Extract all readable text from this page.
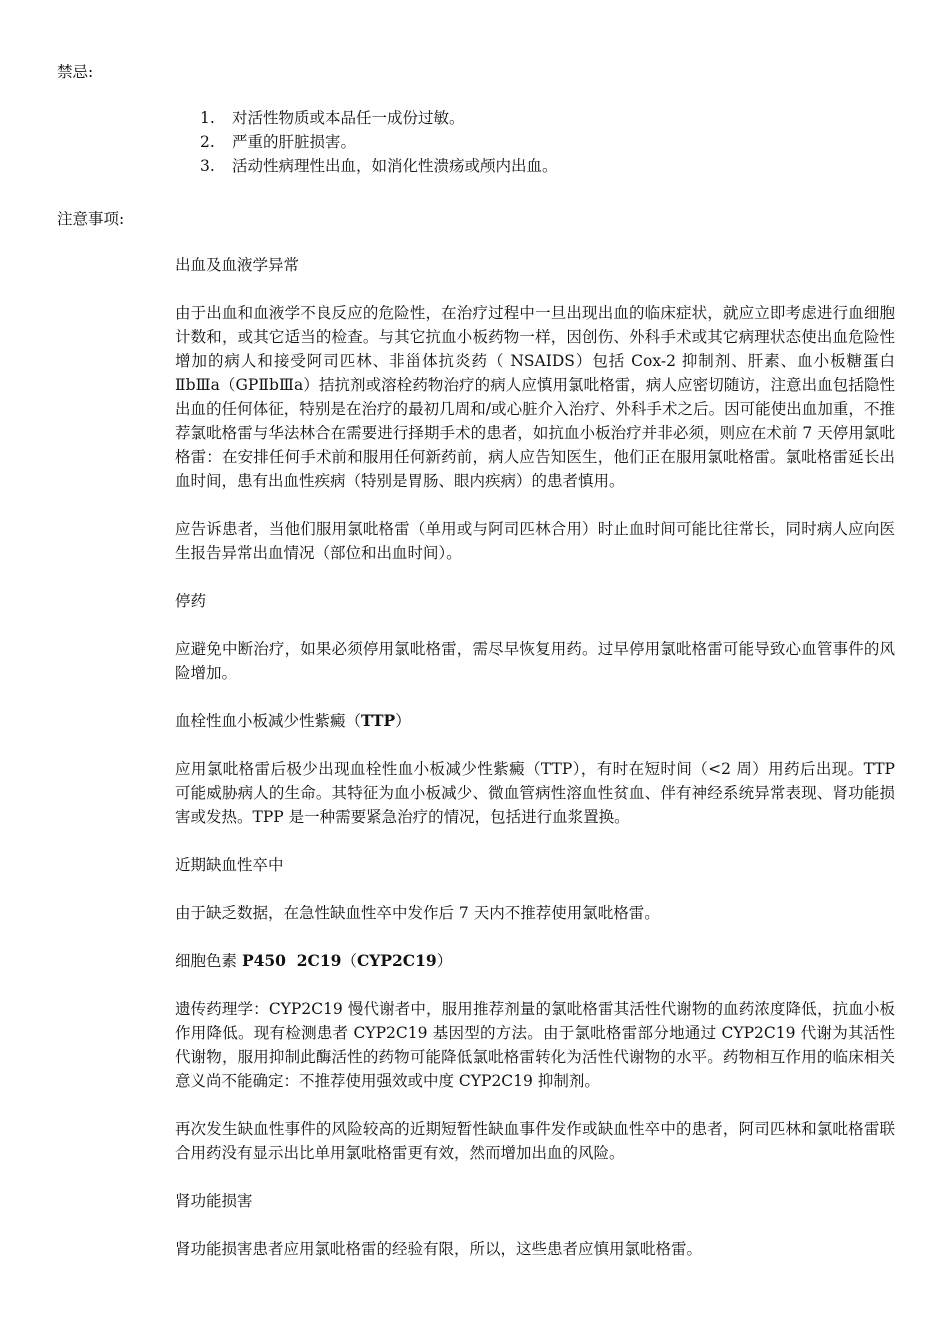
禁忌:
1.	对活性物质或本品任一成份过敏。
2.	严重的肝脏损害。
3.	活动性病理性出血，如消化性溃疡或颅内出血。
注意事项:
出血及血液学异常
由于出血和血液学不良反应的危险性，在治疗过程中一旦出现出血的临床症状，就应立即考虑进行血细胞计数和，或其它适当的检查。与其它抗血小板药物一样，因创伤、外科手术或其它病理状态使出血危险性增加的病人和接受阿司匹林、非甾体抗炎药（ NSAIDS）包括 Cox-2 抑制剂、肝素、血小板糖蛋白ⅡbⅢa（GPⅡbⅢa）拮抗剂或溶栓药物治疗的病人应慎用氯吡格雷，病人应密切随访，注意出血包括隐性出血的任何体征，特别是在治疗的最初几周和/或心脏介入治疗、外科手术之后。因可能使出血加重，不推荐氯吡格雷与华法林合在需要进行择期手术的患者，如抗血小板治疗并非必须，则应在术前 7 天停用氯吡格雷：在安排任何手术前和服用任何新药前，病人应告知医生，他们正在服用氯吡格雷。氯吡格雷延长出血时间，患有出血性疾病（特别是胃肠、眼内疾病）的患者慎用。
应告诉患者，当他们服用氯吡格雷（单用或与阿司匹林合用）时止血时间可能比往常长，同时病人应向医生报告异常出血情况（部位和出血时间）。
停药
应避免中断治疗，如果必须停用氯吡格雷，需尽早恢复用药。过早停用氯吡格雷可能导致心血管事件的风险增加。
血栓性血小板减少性紫癜（TTP）
应用氯吡格雷后极少出现血栓性血小板减少性紫癜（TTP），有时在短时间（<2 周）用药后出现。TTP 可能威胁病人的生命。其特征为血小板减少、微血管病性溶血性贫血、伴有神经系统异常表现、肾功能损害或发热。TPP 是一种需要紧急治疗的情况，包括进行血浆置换。
近期缺血性卒中
由于缺乏数据，在急性缺血性卒中发作后 7 天内不推荐使用氯吡格雷。
细胞色素 P450  2C19（CYP2C19）
遗传药理学：CYP2C19 慢代谢者中，服用推荐剂量的氯吡格雷其活性代谢物的血药浓度降低，抗血小板作用降低。现有检测患者 CYP2C19 基因型的方法。由于氯吡格雷部分地通过 CYP2C19 代谢为其活性代谢物，服用抑制此酶活性的药物可能降低氯吡格雷转化为活性代谢物的水平。药物相互作用的临床相关意义尚不能确定：不推荐使用强效或中度 CYP2C19 抑制剂。
再次发生缺血性事件的风险较高的近期短暂性缺血事件发作或缺血性卒中的患者，阿司匹林和氯吡格雷联合用药没有显示出比单用氯吡格雷更有效，然而增加出血的风险。
肾功能损害
肾功能损害患者应用氯吡格雷的经验有限，所以，这些患者应慎用氯吡格雷。
